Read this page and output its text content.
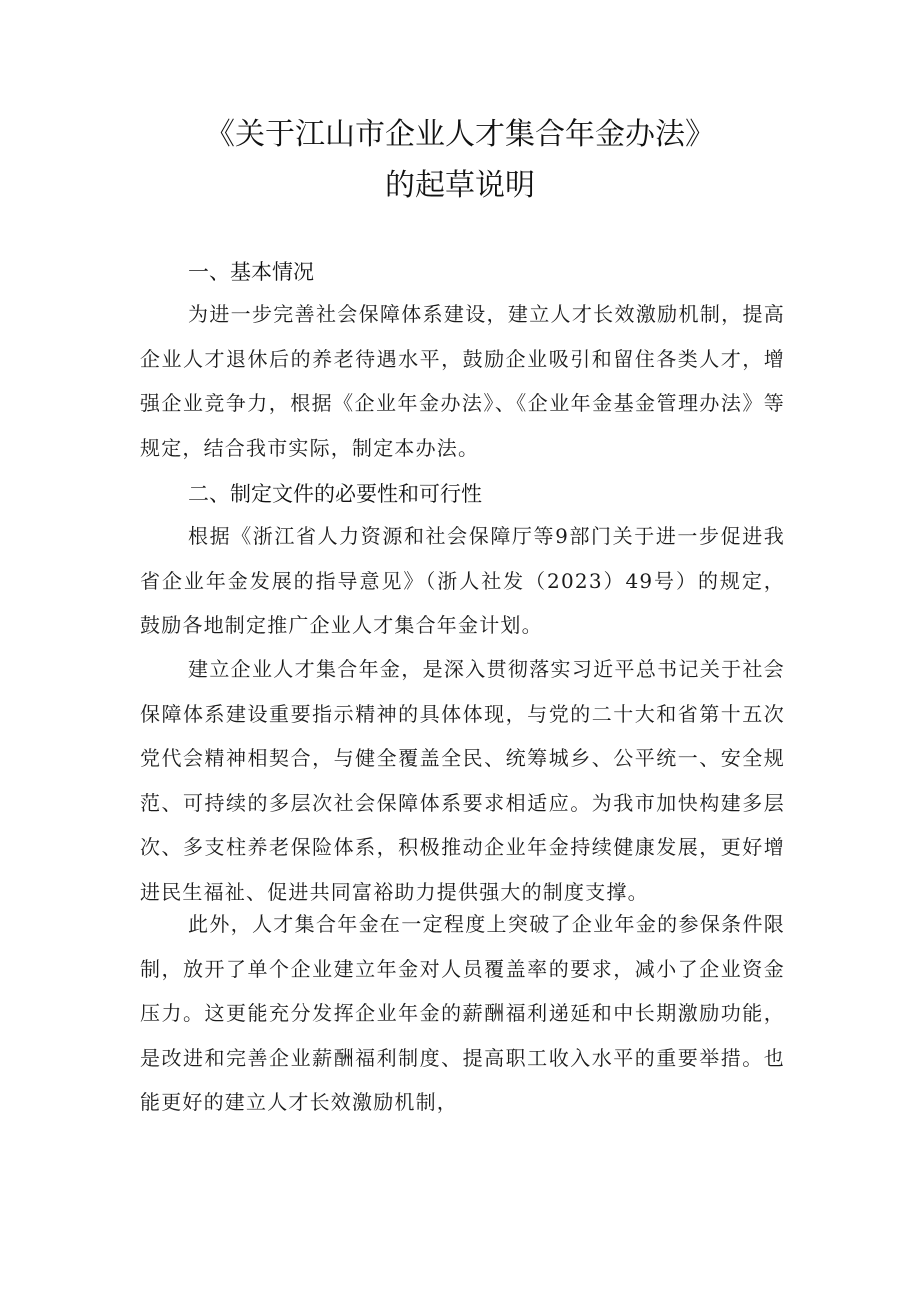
《关于江山市企业人才集合年金办法》
的起草说明
一、基本情况

为进一步完善社会保障体系建设，建立人才长效激励机制，提高企业人才退休后的养老待遇水平，鼓励企业吸引和留住各类人才，增强企业竞争力，根据《企业年金办法》、《企业年金基金管理办法》等规定，结合我市实际，制定本办法。

二、制定文件的必要性和可行性

根据《浙江省人力资源和社会保障厅等9部门关于进一步促进我省企业年金发展的指导意见》（浙人社发（2023）49号）的规定，鼓励各地制定推广企业人才集合年金计划。

建立企业人才集合年金，是深入贯彻落实习近平总书记关于社会保障体系建设重要指示精神的具体体现，与党的二十大和省第十五次党代会精神相契合，与健全覆盖全民、统筹城乡、公平统一、安全规范、可持续的多层次社会保障体系要求相适应。为我市加快构建多层次、多支柱养老保险体系，积极推动企业年金持续健康发展，更好增进民生福祉、促进共同富裕助力提供强大的制度支撑。

此外，人才集合年金在一定程度上突破了企业年金的参保条件限制，放开了单个企业建立年金对人员覆盖率的要求，减小了企业资金压力。这更能充分发挥企业年金的薪酬福利递延和中长期激励功能，是改进和完善企业薪酬福利制度、提高职工收入水平的重要举措。也能更好的建立人才长效激励机制，
